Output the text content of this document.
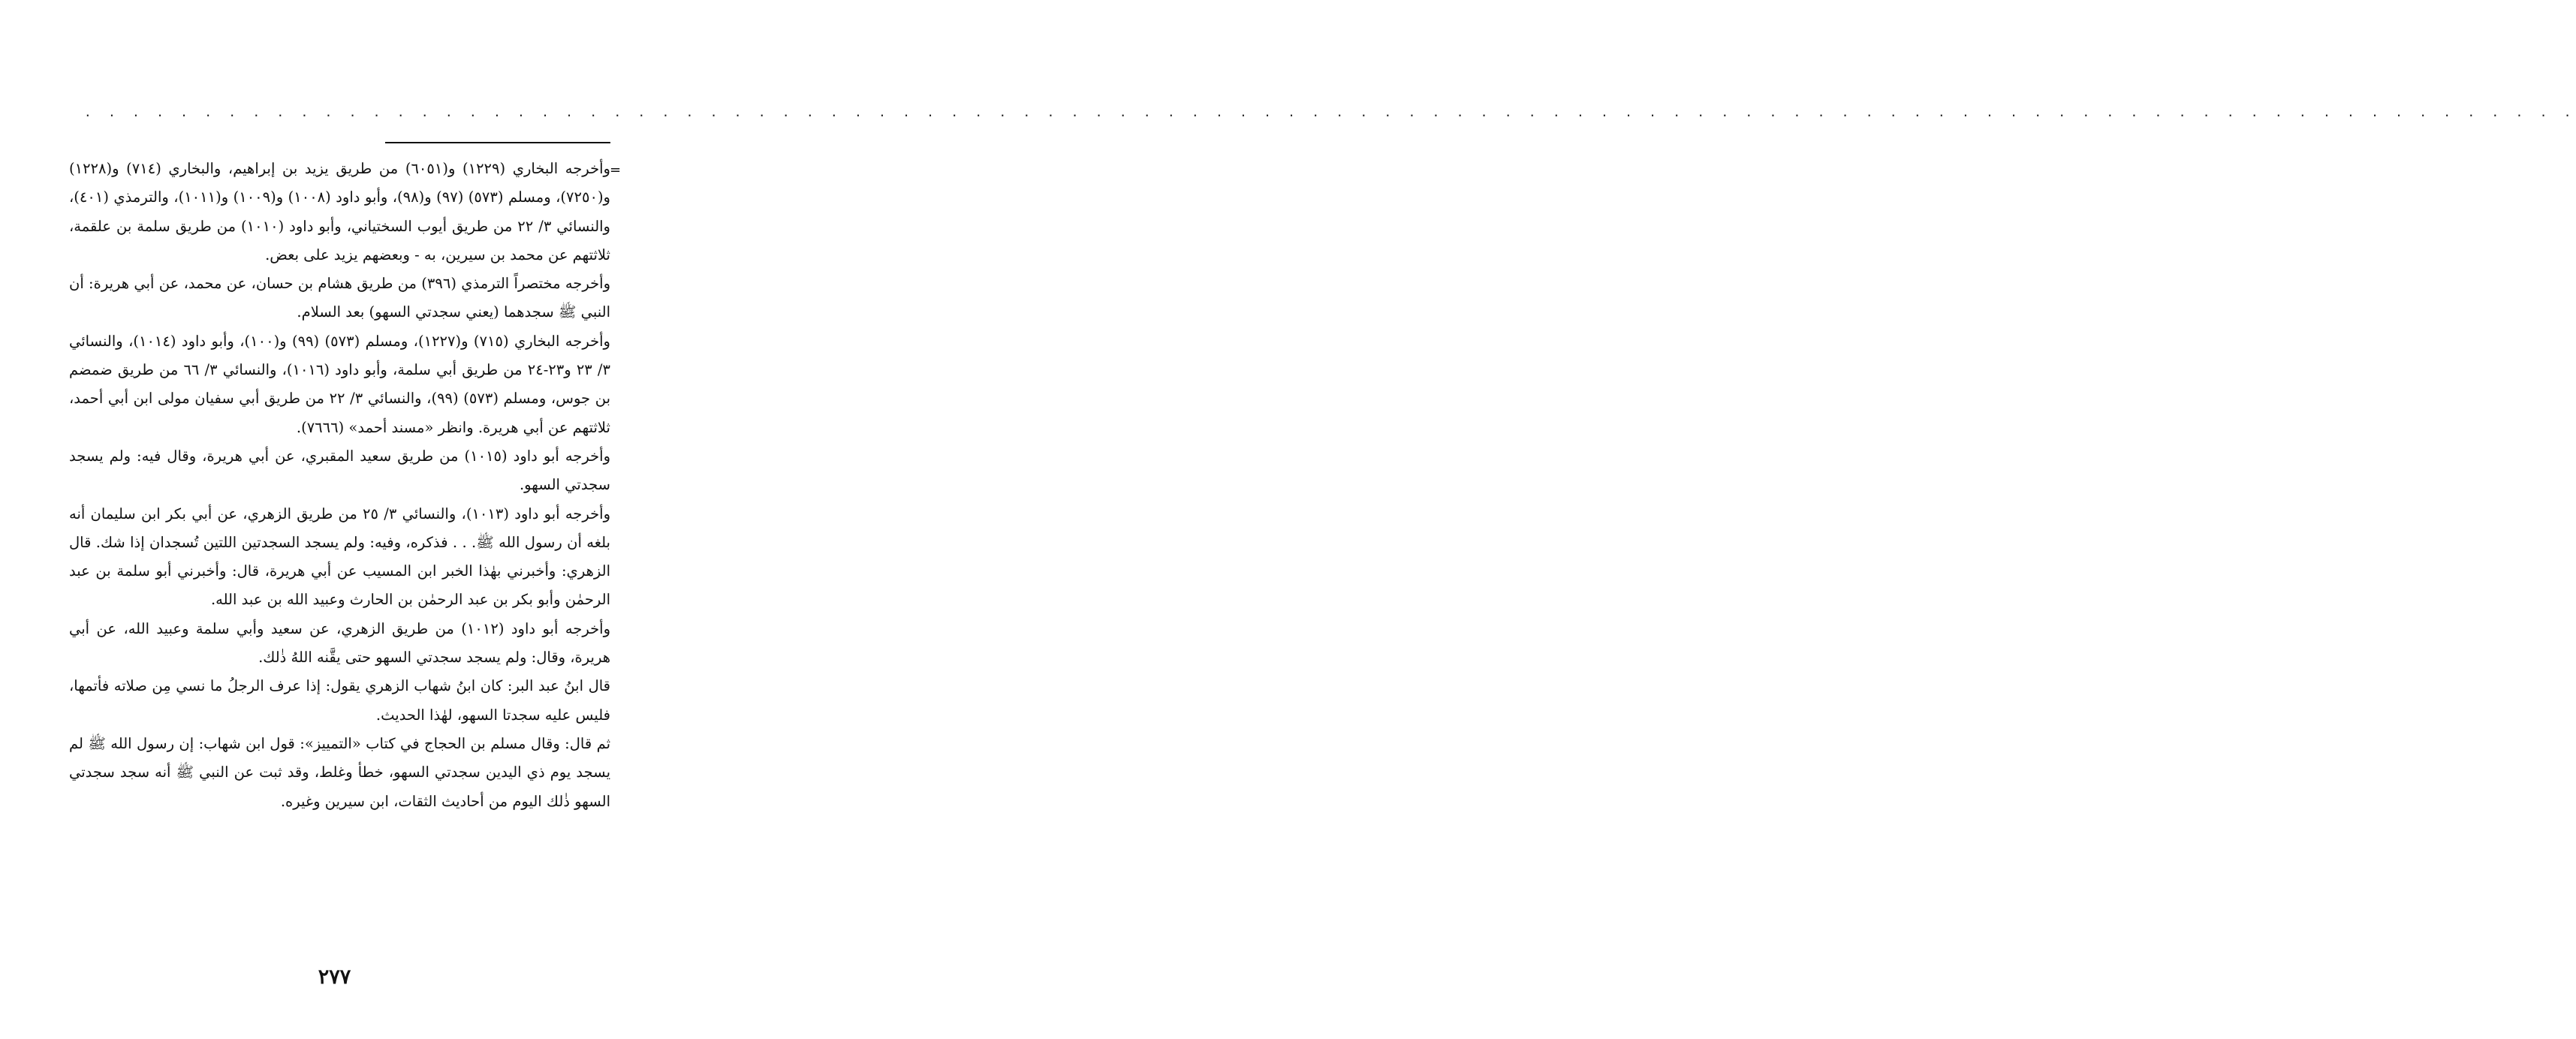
. . . . . . . . . . . . . . . . . . . . . . . . . . . . . . . . . . . . . . . . . . . . . . . . . . . . . . . . . . . . . . . . . . . . . . . . . . . . . . . . . . . . . . . . . . . . . . . . . . . . . . . .
=

وأخرجه البخاري (١٢٢٩) و(٦٠٥١) من طريق يزيد بن إبراهيم، والبخاري (٧١٤) و(١٢٢٨) و(٧٢٥٠)، ومسلم (٥٧٣) (٩٧) و(٩٨)، وأبو داود (١٠٠٨) و(١٠٠٩) و(١٠١١)، والترمذي (٤٠١)، والنسائي ٣/ ٢٢ من طريق أيوب السختياني، وأبو داود (١٠١٠) من طريق سلمة بن علقمة، ثلاثتهم عن محمد بن سيرين، به - وبعضهم يزيد على بعض.

وأخرجه مختصراً الترمذي (٣٩٦) من طريق هشام بن حسان، عن محمد، عن أبي هريرة: أن النبي ﷺ سجدهما (يعني سجدتي السهو) بعد السلام.

وأخرجه البخاري (٧١٥) و(١٢٢٧)، ومسلم (٥٧٣) (٩٩) و(١٠٠)، وأبو داود (١٠١٤)، والنسائي ٣/ ٢٣ و٢٣-٢٤ من طريق أبي سلمة، وأبو داود (١٠١٦)، والنسائي ٣/ ٦٦ من طريق ضمضم بن جوس، ومسلم (٥٧٣) (٩٩)، والنسائي ٣/ ٢٢ من طريق أبي سفيان مولى ابن أبي أحمد، ثلاثتهم عن أبي هريرة. وانظر «مسند أحمد» (٧٦٦٦).

وأخرجه أبو داود (١٠١٥) من طريق سعيد المقبري، عن أبي هريرة، وقال فيه: ولم يسجد سجدتي السهو.

وأخرجه أبو داود (١٠١٣)، والنسائي ٣/ ٢٥ من طريق الزهري، عن أبي بكر ابن سليمان أنه بلغه أن رسول الله ﷺ. . . فذكره، وفيه: ولم يسجد السجدتين اللتين تُسجدان إذا شك. قال الزهري: وأخبرني بهٰذا الخبر ابن المسيب عن أبي هريرة، قال: وأخبرني أبو سلمة بن عبد الرحمٰن وأبو بكر بن عبد الرحمٰن بن الحارث وعبيد الله بن عبد الله.

وأخرجه أبو داود (١٠١٢) من طريق الزهري، عن سعيد وأبي سلمة وعبيد الله، عن أبي هريرة، وقال: ولم يسجد سجدتي السهو حتى يقَّنه اللهُ ذٰلك.

قال ابنُ عبد البر: كان ابنُ شهاب الزهري يقول: إذا عرف الرجلُ ما نسي مِن صلاته فأتمها، فليس عليه سجدتا السهو، لهٰذا الحديث.

ثم قال: وقال مسلم بن الحجاج في كتاب «التمييز»: قول ابن شهاب: إن رسول الله ﷺ لم يسجد يوم ذي اليدين سجدتي السهو، خطأ وغلط، وقد ثبت عن النبي ﷺ أنه سجد سجدتي السهو ذٰلك اليوم من أحاديث الثقات، ابن سيرين وغيره.

٢٧٧
